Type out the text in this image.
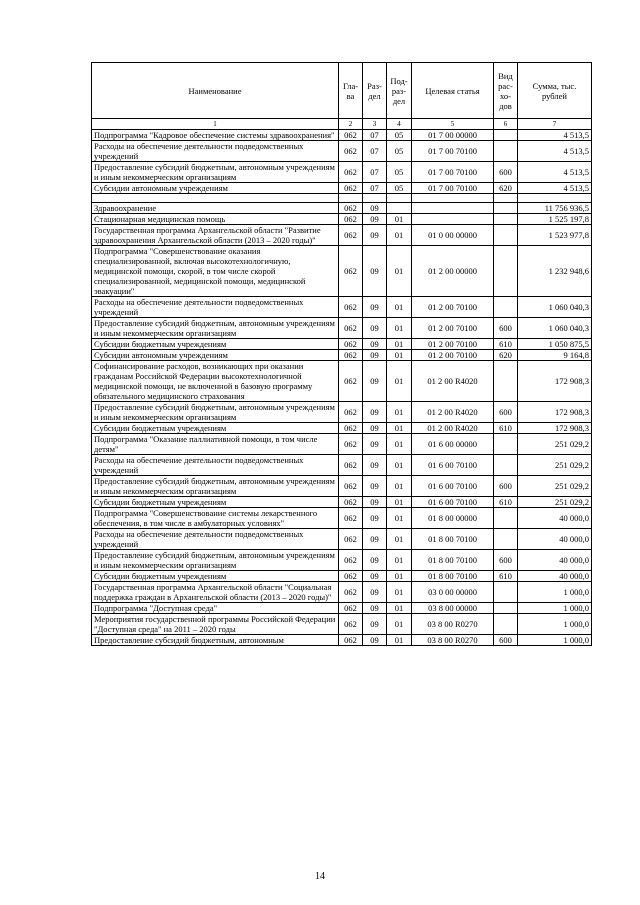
Наименование	Гла-ва	Раз-дел	Под-раз-дел	Целевая статья	Вид рас-хо-дов	Сумма, тыс. рублей
1	2	3	4	5	6	7
Подпрограмма "Кадровое обеспечение системы здравоохранения"	062	07	05	01 7 00 00000		4 513,5
Расходы на обеспечение деятельности подведомственных учреждений	062	07	05	01 7 00 70100		4 513,5
Предоставление субсидий бюджетным, автономным учреждениям и иным некоммерческим организациям	062	07	05	01 7 00 70100	600	4 513,5
Субсидии автономным учреждениям	062	07	05	01 7 00 70100	620	4 513,5

Здравоохранение	062	09				11 756 936,5
Стационарная медицинская помощь	062	09	01			1 525 197,8
Государственная программа Архангельской области "Развитие здравоохранения Архангельской области (2013 – 2020 годы)"	062	09	01	01 0 00 00000		1 523 977,8
Подпрограмма "Совершенствование оказания специализированной, включая высокотехнологичную, медицинской помощи, скорой, в том числе скорой специализированной, медицинской помощи, медицинской эвакуации"	062	09	01	01 2 00 00000		1 232 948,6
Расходы на обеспечение деятельности подведомственных учреждений	062	09	01	01 2 00 70100		1 060 040,3
Предоставление субсидий бюджетным, автономным учреждениям и иным некоммерческим организациям	062	09	01	01 2 00 70100	600	1 060 040,3
Субсидии бюджетным учреждениям	062	09	01	01 2 00 70100	610	1 050 875,5
Субсидии автономным учреждениям	062	09	01	01 2 00 70100	620	9 164,8
Софинансирование расходов, возникающих при оказании гражданам Российской Федерации высокотехнологичной медицинской помощи, не включенной в базовую программу обязательного медицинского страхования	062	09	01	01 2 00 R4020		172 908,3
Предоставление субсидий бюджетным, автономным учреждениям и иным некоммерческим организациям	062	09	01	01 2 00 R4020	600	172 908,3
Субсидии бюджетным учреждениям	062	09	01	01 2 00 R4020	610	172 908,3
Подпрограмма "Оказание паллиативной помощи, в том числе детям"	062	09	01	01 6 00 00000		251 029,2
Расходы на обеспечение деятельности подведомственных учреждений	062	09	01	01 6 00 70100		251 029,2
Предоставление субсидий бюджетным, автономным учреждениям и иным некоммерческим организациям	062	09	01	01 6 00 70100	600	251 029,2
Субсидии бюджетным учреждениям	062	09	01	01 6 00 70100	610	251 029,2
Подпрограмма "Совершенствование системы лекарственного обеспечения, в том числе в амбулаторных условиях"	062	09	01	01 8 00 00000		40 000,0
Расходы на обеспечение деятельности подведомственных учреждений	062	09	01	01 8 00 70100		40 000,0
Предоставление субсидий бюджетным, автономным учреждениям и иным некоммерческим организациям	062	09	01	01 8 00 70100	600	40 000,0
Субсидии бюджетным учреждениям	062	09	01	01 8 00 70100	610	40 000,0
Государственная программа Архангельской области "Социальная поддержка граждан в Архангельской области (2013 – 2020 годы)"	062	09	01	03 0 00 00000		1 000,0
Подпрограмма "Доступная среда"	062	09	01	03 8 00 00000		1 000,0
Мероприятия государственной программы Российской Федерации "Доступная среда" на 2011 – 2020 годы	062	09	01	03 8 00 R0270		1 000,0
Предоставление субсидий бюджетным, автономным	062	09	01	03 8 00 R0270	600	1 000,0
14
